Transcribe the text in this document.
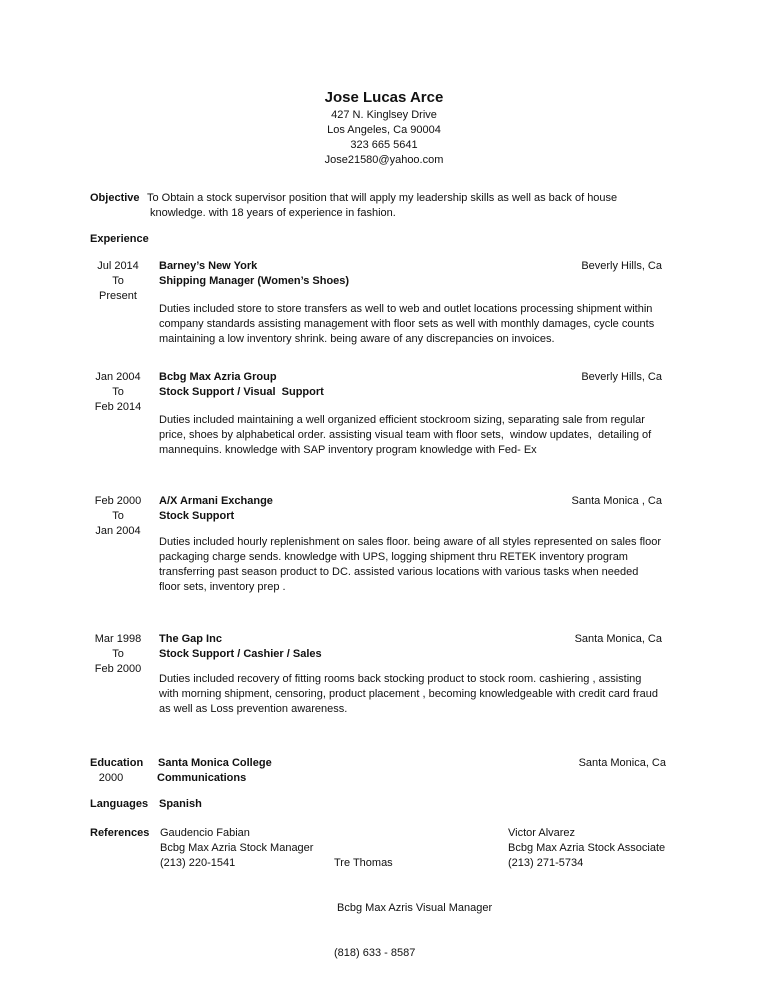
Jose Lucas Arce
427 N. Kinglsey Drive
Los Angeles, Ca 90004
323 665 5641
Jose21580@yahoo.com
Objective To Obtain a stock supervisor position that will apply my leadership skills as well as back of house
knowledge. with 18 years of experience in fashion.
Experience
Jul 2014
To
Present
Barney’s New York
Shipping Manager (Women’s Shoes)
Beverly Hills, Ca
Duties included store to store transfers as well to web and outlet locations processing shipment within
company standards assisting management with floor sets as well with monthly damages, cycle counts
maintaining a low inventory shrink. being aware of any discrepancies on invoices.
Jan 2004
To
Feb 2014
Bcbg Max Azria Group
Stock Support / Visual  Support
Beverly Hills, Ca
Duties included maintaining a well organized efficient stockroom sizing, separating sale from regular
price, shoes by alphabetical order. assisting visual team with floor sets,  window updates,  detailing of
mannequins. knowledge with SAP inventory program knowledge with Fed- Ex
Feb 2000
To
Jan 2004
A/X Armani Exchange
Stock Support
Santa Monica , Ca
Duties included hourly replenishment on sales floor. being aware of all styles represented on sales floor
packaging charge sends. knowledge with UPS, logging shipment thru RETEK inventory program
transferring past season product to DC. assisted various locations with various tasks when needed
floor sets, inventory prep .
Mar 1998
To
Feb 2000
The Gap Inc
Stock Support / Cashier / Sales
Santa Monica, Ca
Duties included recovery of fitting rooms back stocking product to stock room. cashiering , assisting
with morning shipment, censoring, product placement , becoming knowledgeable with credit card fraud
as well as Loss prevention awareness.
Education
2000
Santa Monica College
Communications
Santa Monica, Ca
Languages Spanish
References Gaudencio Fabian
Bcbg Max Azria Stock Manager
(213) 220-1541

	Tre Thomas

Bcbg Max Azris Visual Manager

(818) 633 - 8587

Victor Alvarez
Bcbg Max Azria Stock Associate
(213) 271-5734
